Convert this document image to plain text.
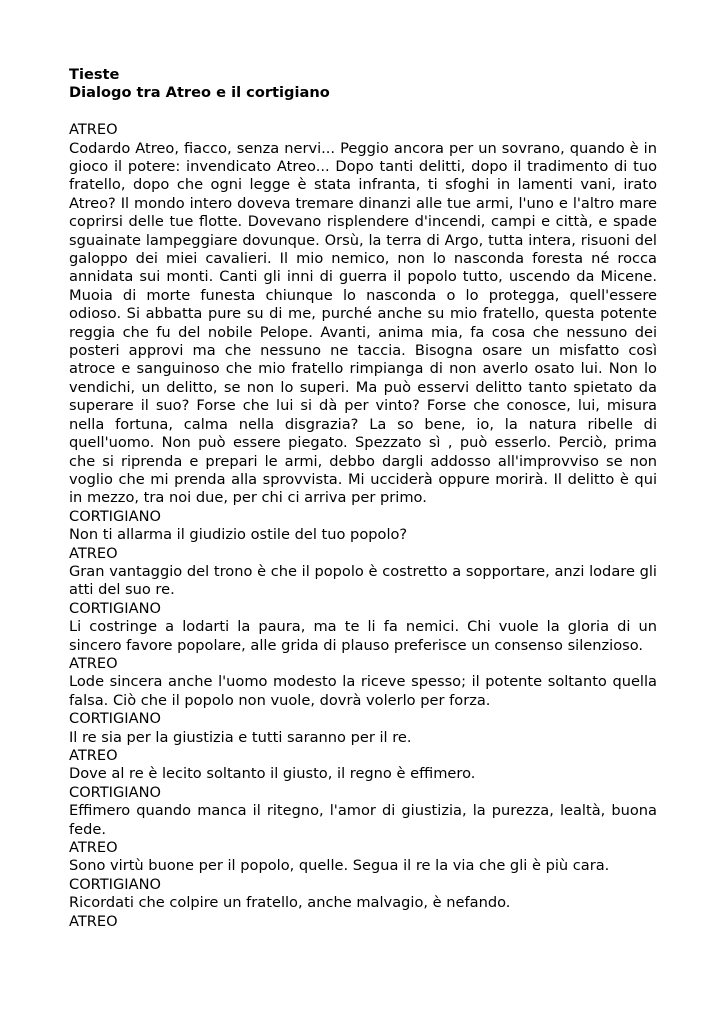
Tieste

Dialogo tra Atreo e il cortigiano

ATREO

Codardo Atreo, fiacco, senza nervi... Peggio ancora per un sovrano, quando è in gioco il potere: invendicato Atreo... Dopo tanti delitti, dopo il tradimento di tuo fratello, dopo che ogni legge è stata infranta, ti sfoghi in lamenti vani, irato Atreo? Il mondo intero doveva tremare dinanzi alle tue armi, l'uno e l'altro mare coprirsi delle tue flotte. Dovevano risplendere d'incendi, campi e città, e spade sguainate lampeggiare dovunque. Orsù, la terra di Argo, tutta intera, risuoni del galoppo dei miei cavalieri. Il mio nemico, non lo nasconda foresta né rocca annidata sui monti. Canti gli inni di guerra il popolo tutto, uscendo da Micene. Muoia di morte funesta chiunque lo nasconda o lo protegga, quell'essere odioso. Si abbatta pure su di me, purché anche su mio fratello, questa potente reggia che fu del nobile Pelope. Avanti, anima mia, fa cosa che nessuno dei posteri approvi ma che nessuno ne taccia. Bisogna osare un misfatto così atroce e sanguinoso che mio fratello rimpianga di non averlo osato lui. Non lo vendichi, un delitto, se non lo superi. Ma può esservi delitto tanto spietato da superare il suo? Forse che lui si dà per vinto? Forse che conosce, lui, misura nella fortuna, calma nella disgrazia? La so bene, io, la natura ribelle di quell'uomo. Non può essere piegato. Spezzato sì , può esserlo. Perciò, prima che si riprenda e prepari le armi, debbo dargli addosso all'improvviso se non voglio che mi prenda alla sprovvista. Mi ucciderà oppure morirà. Il delitto è qui in mezzo, tra noi due, per chi ci arriva per primo.

CORTIGIANO

Non ti allarma il giudizio ostile del tuo popolo?

ATREO

Gran vantaggio del trono è che il popolo è costretto a sopportare, anzi lodare gli atti del suo re.

CORTIGIANO

Li costringe a lodarti la paura, ma te li fa nemici. Chi vuole la gloria di un sincero favore popolare, alle grida di plauso preferisce un consenso silenzioso.

ATREO

Lode sincera anche l'uomo modesto la riceve spesso; il potente soltanto quella falsa. Ciò che il popolo non vuole, dovrà volerlo per forza.

CORTIGIANO

Il re sia per la giustizia e tutti saranno per il re.

ATREO

Dove al re è lecito soltanto il giusto, il regno è effimero.

CORTIGIANO

Effimero quando manca il ritegno, l'amor di giustizia, la purezza, lealtà, buona fede.

ATREO

Sono virtù buone per il popolo, quelle. Segua il re la via che gli è più cara.

CORTIGIANO

Ricordati che colpire un fratello, anche malvagio, è nefando.

ATREO
